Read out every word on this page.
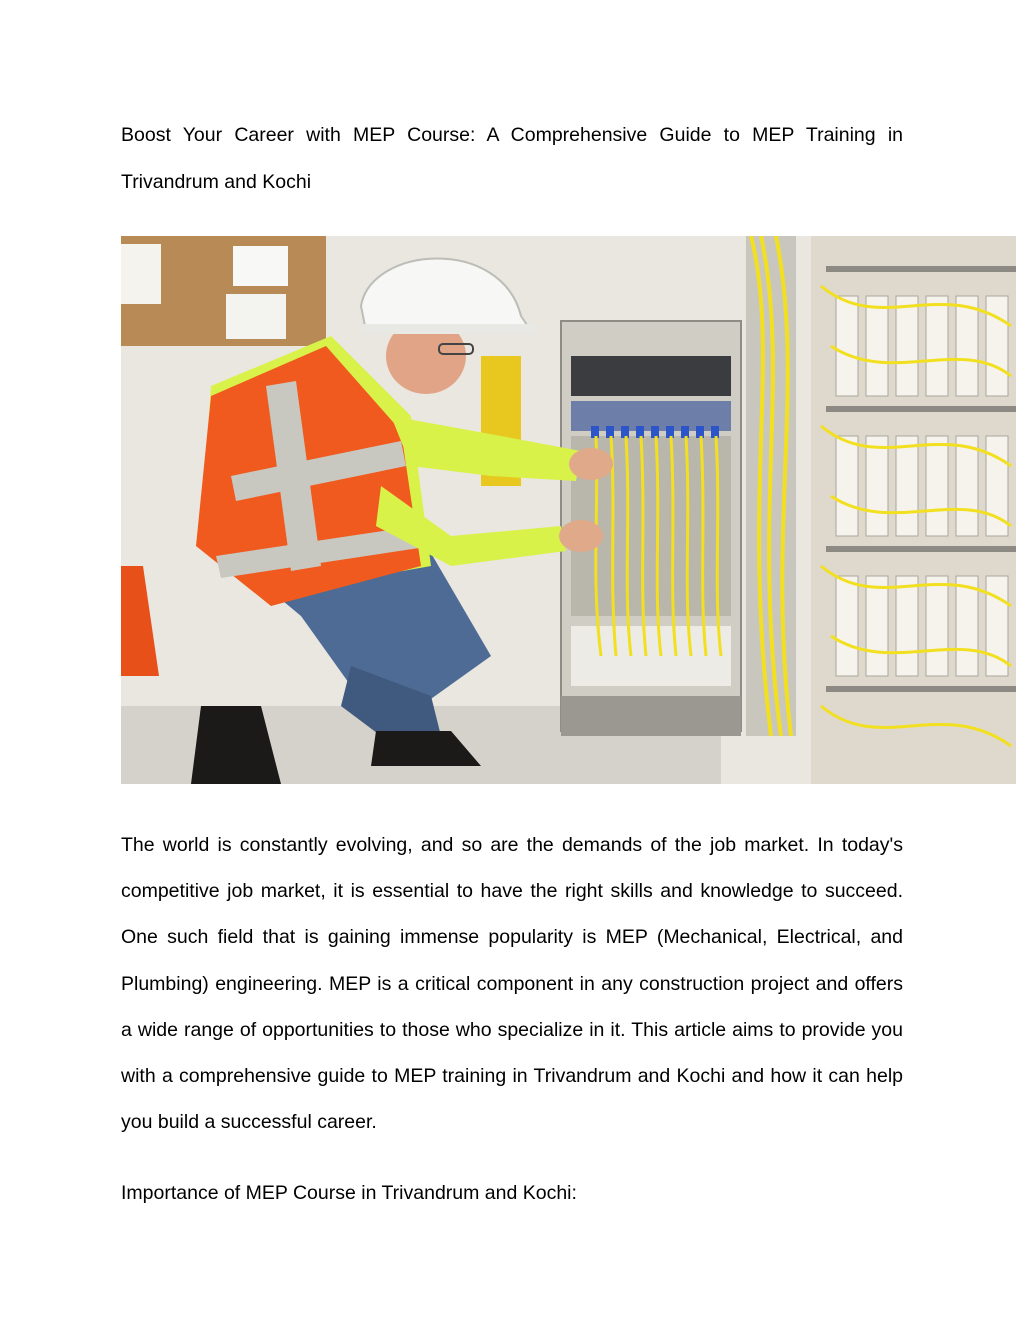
Boost Your Career with MEP Course: A Comprehensive Guide to MEP Training in Trivandrum and Kochi

The world is constantly evolving, and so are the demands of the job market. In today's competitive job market, it is essential to have the right skills and knowledge to succeed. One such field that is gaining immense popularity is MEP (Mechanical, Electrical, and Plumbing) engineering. MEP is a critical component in any construction project and offers a wide range of opportunities to those who specialize in it. This article aims to provide you with a comprehensive guide to MEP training in Trivandrum and Kochi and how it can help you build a successful career.

Importance of MEP Course in Trivandrum and Kochi:
